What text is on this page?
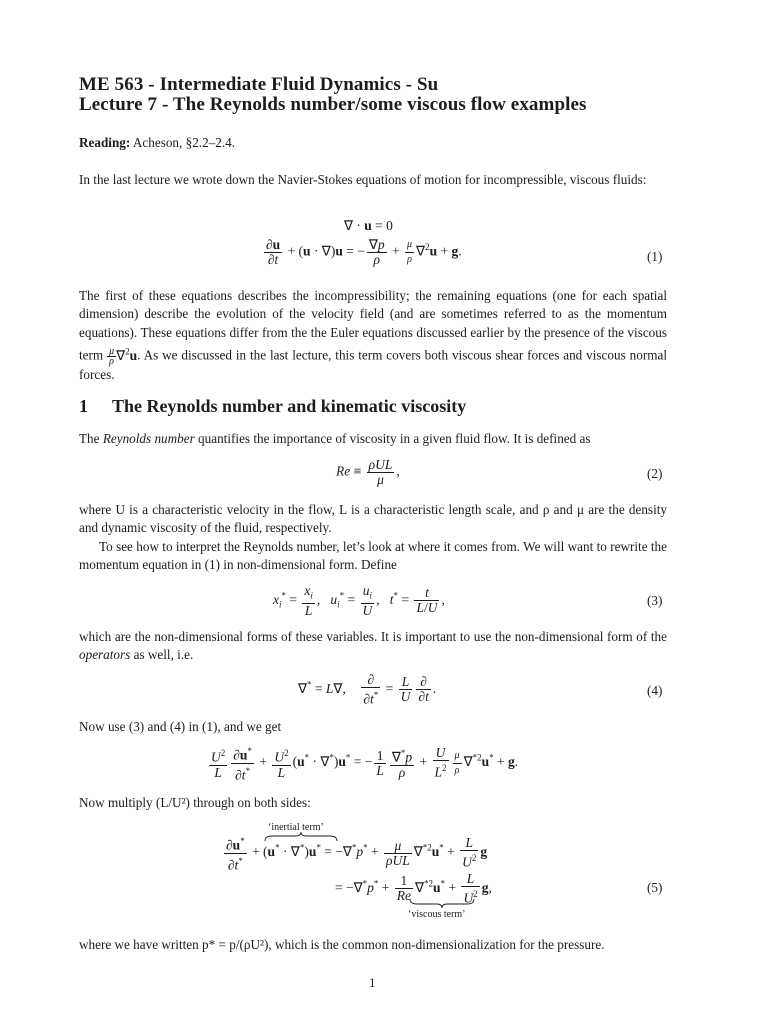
ME 563 - Intermediate Fluid Dynamics - Su
Lecture 7 - The Reynolds number/some viscous flow examples
Reading: Acheson, §2.2–2.4.
In the last lecture we wrote down the Navier-Stokes equations of motion for incompressible, viscous fluids:
∇ · u = 0
$\frac{\partial u}{\partial t} + (u \cdot \nabla)u$ = − $\frac{\nabla p}{\rho} + \frac{\mu}{\rho} \nabla^2u + g$.	(1)
The first of these equations describes the incompressibility; the remaining equations (one for each spatial dimension) describe the evolution of the velocity field (and are sometimes referred to as the momentum equations). These equations differ from the the Euler equations discussed earlier by the presence of the viscous term $\frac{\mu}{\rho} \nabla^2u$. As we discussed in the last lecture, this term covers both viscous shear forces and viscous normal forces.
1 The Reynolds number and kinematic viscosity
The Reynolds number quantifies the importance of viscosity in a given fluid flow. It is defined as
$Re \equiv \frac{\text{ρUL}}{\mu}$ ,	(2)
where U is a characteristic velocity in the flow, L is a characteristic length scale, and ρ and μ are the density and dynamic viscosity of the fluid, respectively.
To see how to interpret the Reynolds number, let’s look at where it comes from. We will want to rewrite the momentum equation in (1) in non-dimensional form. Define
$x_i^* = \frac{x_i}{L}$ ,   $u_i^* = \frac{u_i}{U}$ ,   $t^* = \frac{t}{L/U}$ ,	(3)
which are the non-dimensional forms of these variables. It is important to use the non-dimensional form of the operators as well, i.e.
∇* = L∇, $\frac{\partial}{\partial t^*} = \frac{L}{U} \frac{\partial}{\partial t}$ .	(4)
Now use (3) and (4) in (1), and we get
$\frac{U^2}{L} \frac{\partial u^*}{\partial t^*} + \frac{U^2}{L} (u^* \cdot \nabla^*)u^*$ = − $\frac{1}{L} \frac{\nabla^*p}{\rho} + \frac{U}{L^2} \frac{\mu}{\rho} \nabla^{*2}u^* + g$.
Now multiply (L/U²) through on both sides:
‘inertial term’
$\frac{\partial u^*}{\partial t^*} + (u^* \cdot \nabla^*)u^* = -\nabla^*p^* + \frac{\mu}{\text{ρUL}} \nabla^{*2}u^* + \frac{L}{U^2}$ g
= $-\nabla^*p^* + \frac{1}{Re} \nabla^{*2}u^* + \frac{L}{U^2} g$,
‘viscous term’
(5)
where we have written p* = p/(ρU²), which is the common non-dimensionalization for the pressure.
1
